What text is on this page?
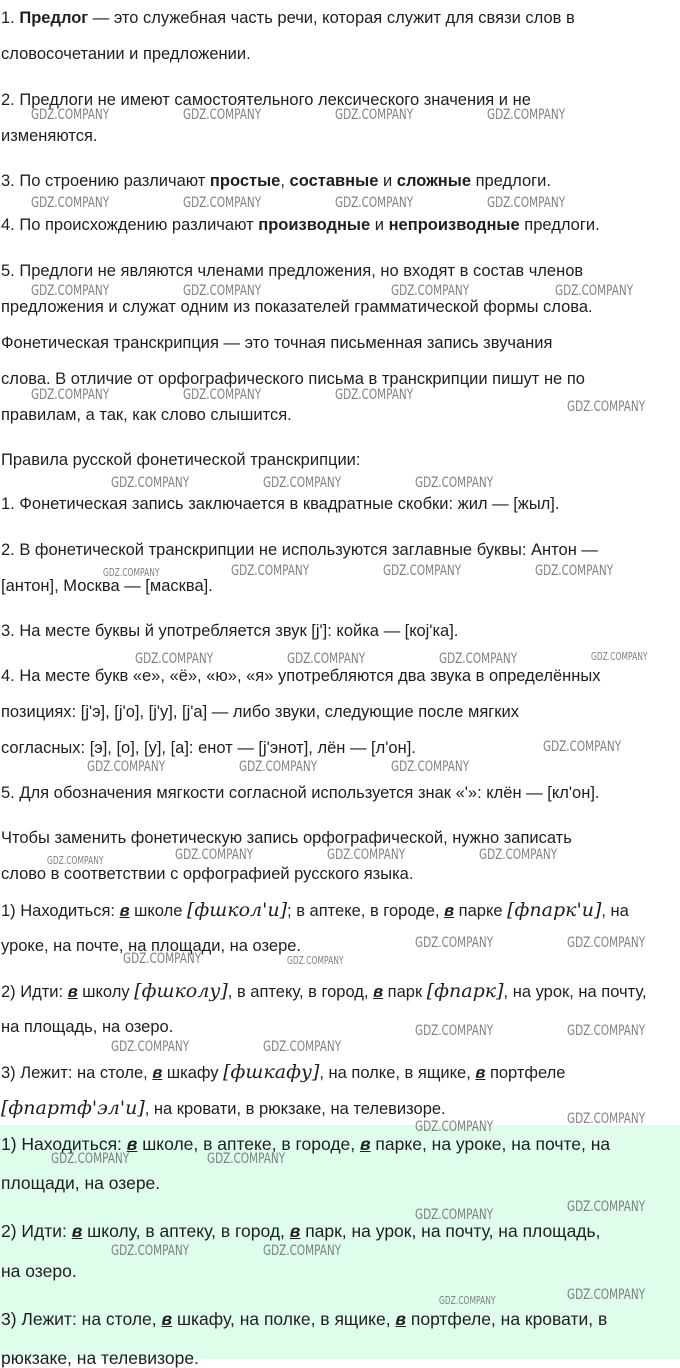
1. Предлог — это служебная часть речи, которая служит для связи слов в
словосочетании и предложении.
2. Предлоги не имеют самостоятельного лексического значения и не
изменяются.
3. По строению различают простые, составные и сложные предлоги.
4. По происхождению различают производные и непроизводные предлоги.
5. Предлоги не являются членами предложения, но входят в состав членов
предложения и служат одним из показателей грамматической формы слова.
Фонетическая транскрипция — это точная письменная запись звучания
слова. В отличие от орфографического письма в транскрипции пишут не по
правилам, а так, как слово слышится.
Правила русской фонетической транскрипции:
1. Фонетическая запись заключается в квадратные скобки: жил — [жыл].
2. В фонетической транскрипции не используются заглавные буквы: Антон —
[антон], Москва — [масква].
3. На месте буквы й употребляется звук [j']: койка — [кoj'ка].
4. На месте букв «е», «ё», «ю», «я» употребляются два звука в определённых
позициях: [j'э], [j'о], [j'у], [j'а] — либо звуки, следующие после мягких
согласных: [э], [о], [у], [а]: енот — [j'энот], лён — [л'он].
5. Для обозначения мягкости согласной используется знак «'»: клён — [кл'он].
Чтобы заменить фонетическую запись орфографической, нужно записать
слово в соответствии с орфографией русского языка.
1) Находиться: в школе [фшкол'и]; в аптеке, в городе, в парке [фпарк'и], на
уроке, на почте, на площади, на озере.
2) Идти: в школу [фшколу], в аптеку, в город, в парк [фпарк], на урок, на почту,
на площадь, на озеро.
3) Лежит: на столе, в шкафу [фшкафу], на полке, в ящике, в портфеле
[фпартф'эл'и], на кровати, в рюкзаке, на телевизоре.
1) Находиться: в школе, в аптеке, в городе, в парке, на уроке, на почте, на
площади, на озере.
2) Идти: в школу, в аптеку, в город, в парк, на урок, на почту, на площадь,
на озеро.
3) Лежит: на столе, в шкафу, на полке, в ящике, в портфеле, на кровати, в
рюкзаке, на телевизоре.
GDZ.COMPANY	GDZ.COMPANY	GDZ.COMPANY	GDZ.COMPANY
GDZ.COMPANY	GDZ.COMPANY	GDZ.COMPANY	GDZ.COMPANY
GDZ.COMPANY	GDZ.COMPANY	GDZ.COMPANY	GDZ.COMPANY
GDZ.COMPANY	GDZ.COMPANY	GDZ.COMPANY
GDZ.COMPANY
GDZ.COMPANY	GDZ.COMPANY	GDZ.COMPANY
GDZ.COMPANY	GDZ.COMPANY	GDZ.COMPANY	GDZ.COMPANY
GDZ.COMPANY	GDZ.COMPANY	GDZ.COMPANY	GDZ.COMPANY
GDZ.COMPANY
GDZ.COMPANY	GDZ.COMPANY	GDZ.COMPANY
GDZ.COMPANY	GDZ.COMPANY	GDZ.COMPANY	GDZ.COMPANY
GDZ.COMPANY	GDZ.COMPANY
GDZ.COMPANY	GDZ.COMPANY
GDZ.COMPANY	GDZ.COMPANY
GDZ.COMPANY	GDZ.COMPANY
GDZ.COMPANY
GDZ.COMPANY
GDZ.COMPANY	GDZ.COMPANY
GDZ.COMPANY
GDZ.COMPANY
GDZ.COMPANY	GDZ.COMPANY
GDZ.COMPANY
GDZ.COMPANY
